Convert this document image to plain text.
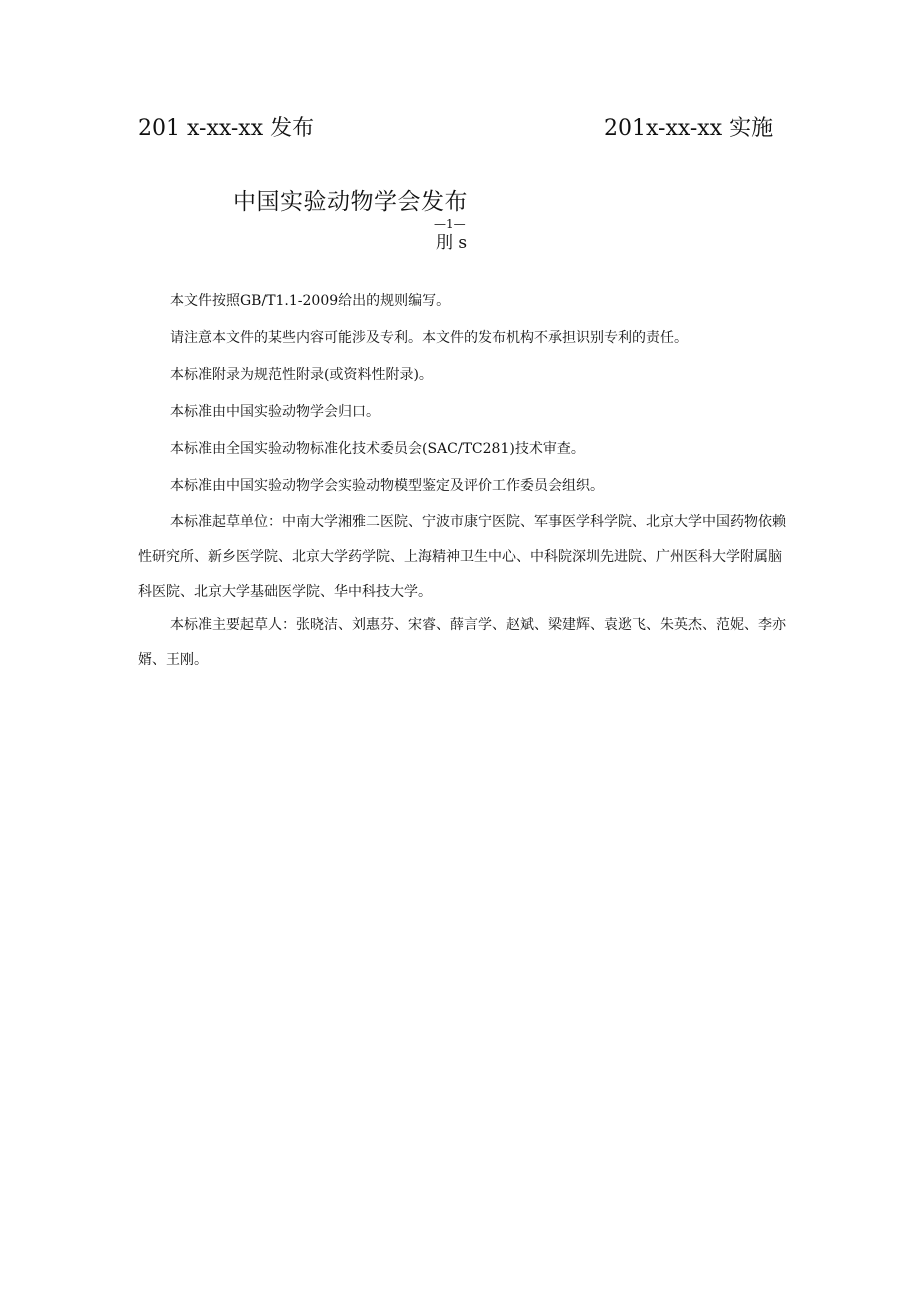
201 x-xx-xx 发布	201x-xx-xx 实施
中国实验动物学会发布
—1—
刖 s

本文件按照GB/T1.1-2009给出的规则编写。

请注意本文件的某些内容可能涉及专利。本文件的发布机构不承担识别专利的责任。

本标准附录为规范性附录(或资料性附录)。

本标准由中国实验动物学会归口。

本标准由全国实验动物标准化技术委员会(SAC/TC281)技术审查。

本标准由中国实验动物学会实验动物模型鉴定及评价工作委员会组织。

本标准起草单位：中南大学湘雅二医院、宁波市康宁医院、军事医学科学院、北京大学中国药物依赖性研究所、新乡医学院、北京大学药学院、上海精神卫生中心、中科院深圳先进院、广州医科大学附属脑科医院、北京大学基础医学院、华中科技大学。

本标准主要起草人：张晓洁、刘惠芬、宋睿、薛言学、赵斌、梁建辉、袁逖飞、朱英杰、范妮、李亦婿、王刚。
